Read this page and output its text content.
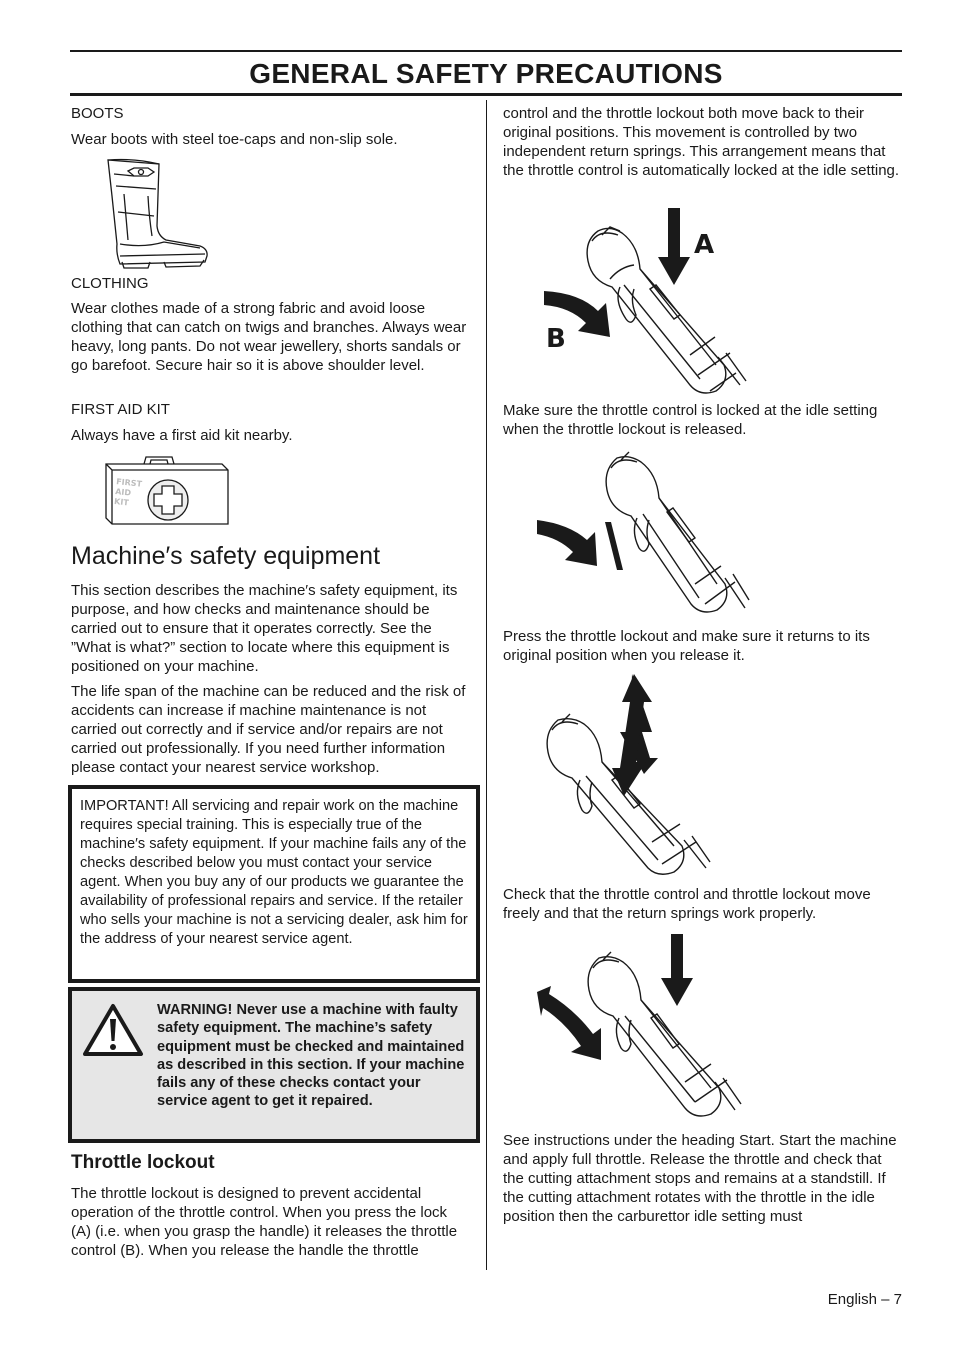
GENERAL SAFETY PRECAUTIONS

BOOTS

Wear boots with steel toe-caps and non-slip sole.

CLOTHING

Wear clothes made of a strong fabric and avoid loose clothing that can catch on twigs and branches. Always wear heavy, long pants. Do not wear jewellery, shorts sandals or go barefoot. Secure hair so it is above shoulder level.

FIRST AID KIT

Always have a first aid kit nearby.

FIRSTAIDKIT
Machine′s safety equipment

This section describes the machine′s safety equipment, its purpose, and how checks and maintenance should be carried out to ensure that it operates correctly. See the ”What is what?” section to locate where this equipment is positioned on your machine.

The life span of the machine can be reduced and the risk of accidents can increase if machine maintenance is not carried out correctly and if service and/or repairs are not carried out professionally. If you need further information please contact your nearest service workshop.

IMPORTANT! All servicing and repair work on the machine requires special training. This is especially true of the machine′s safety equipment. If your machine fails any of the checks described below you must contact your service agent. When you buy any of our products we guarantee the availability of professional repairs and service. If the retailer who sells your machine is not a servicing dealer, ask him for the address of your nearest service agent.

WARNING! Never use a machine with faulty safety equipment. The machine’s safety equipment must be checked and maintained as described in this section. If your machine fails any of these checks contact your service agent to get it repaired.

Throttle lockout

The throttle lockout is designed to prevent accidental operation of the throttle control. When you press the lock (A) (i.e. when you grasp the handle) it releases the throttle control (B). When you release the handle the throttle

control and the throttle lockout both move back to their original positions. This movement is controlled by two independent return springs. This arrangement means that the throttle control is automatically locked at the idle setting.

A
B

Make sure the throttle control is locked at the idle setting when the throttle lockout is released.

Press the throttle lockout and make sure it returns to its original position when you release it.

Check that the throttle control and throttle lockout move freely and that the return springs work properly.

See instructions under the heading Start. Start the machine and apply full throttle. Release the throttle and check that the cutting attachment stops and remains at a standstill. If the cutting attachment rotates with the throttle in the idle position then the carburettor idle setting must

English – 7
